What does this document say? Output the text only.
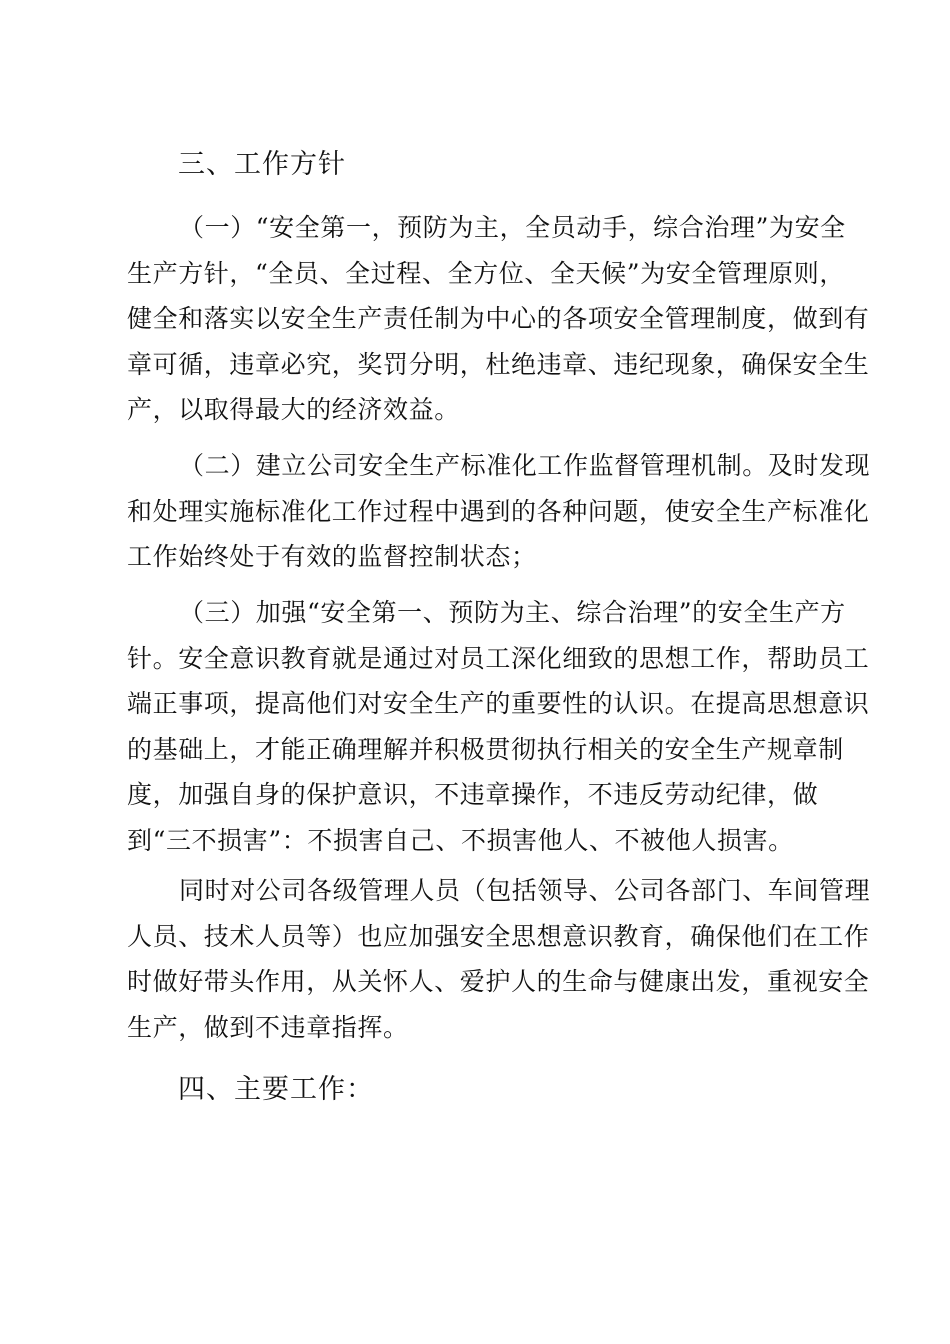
三、工作方针
（一）“安全第一，预防为主，全员动手，综合治理”为安全
生产方针，“全员、全过程、全方位、全天候”为安全管理原则，
健全和落实以安全生产责任制为中心的各项安全管理制度，做到有
章可循，违章必究，奖罚分明，杜绝违章、违纪现象，确保安全生
产，以取得最大的经济效益。
（二）建立公司安全生产标准化工作监督管理机制。及时发现
和处理实施标准化工作过程中遇到的各种问题，使安全生产标准化
工作始终处于有效的监督控制状态；
（三）加强“安全第一、预防为主、综合治理”的安全生产方
针。安全意识教育就是通过对员工深化细致的思想工作，帮助员工
端正事项，提高他们对安全生产的重要性的认识。在提高思想意识
的基础上，才能正确理解并积极贯彻执行相关的安全生产规章制
度，加强自身的保护意识，不违章操作，不违反劳动纪律，做
到“三不损害”：不损害自己、不损害他人、不被他人损害。
同时对公司各级管理人员（包括领导、公司各部门、车间管理
人员、技术人员等）也应加强安全思想意识教育，确保他们在工作
时做好带头作用，从关怀人、爱护人的生命与健康出发，重视安全
生产，做到不违章指挥。
四、主要工作：
